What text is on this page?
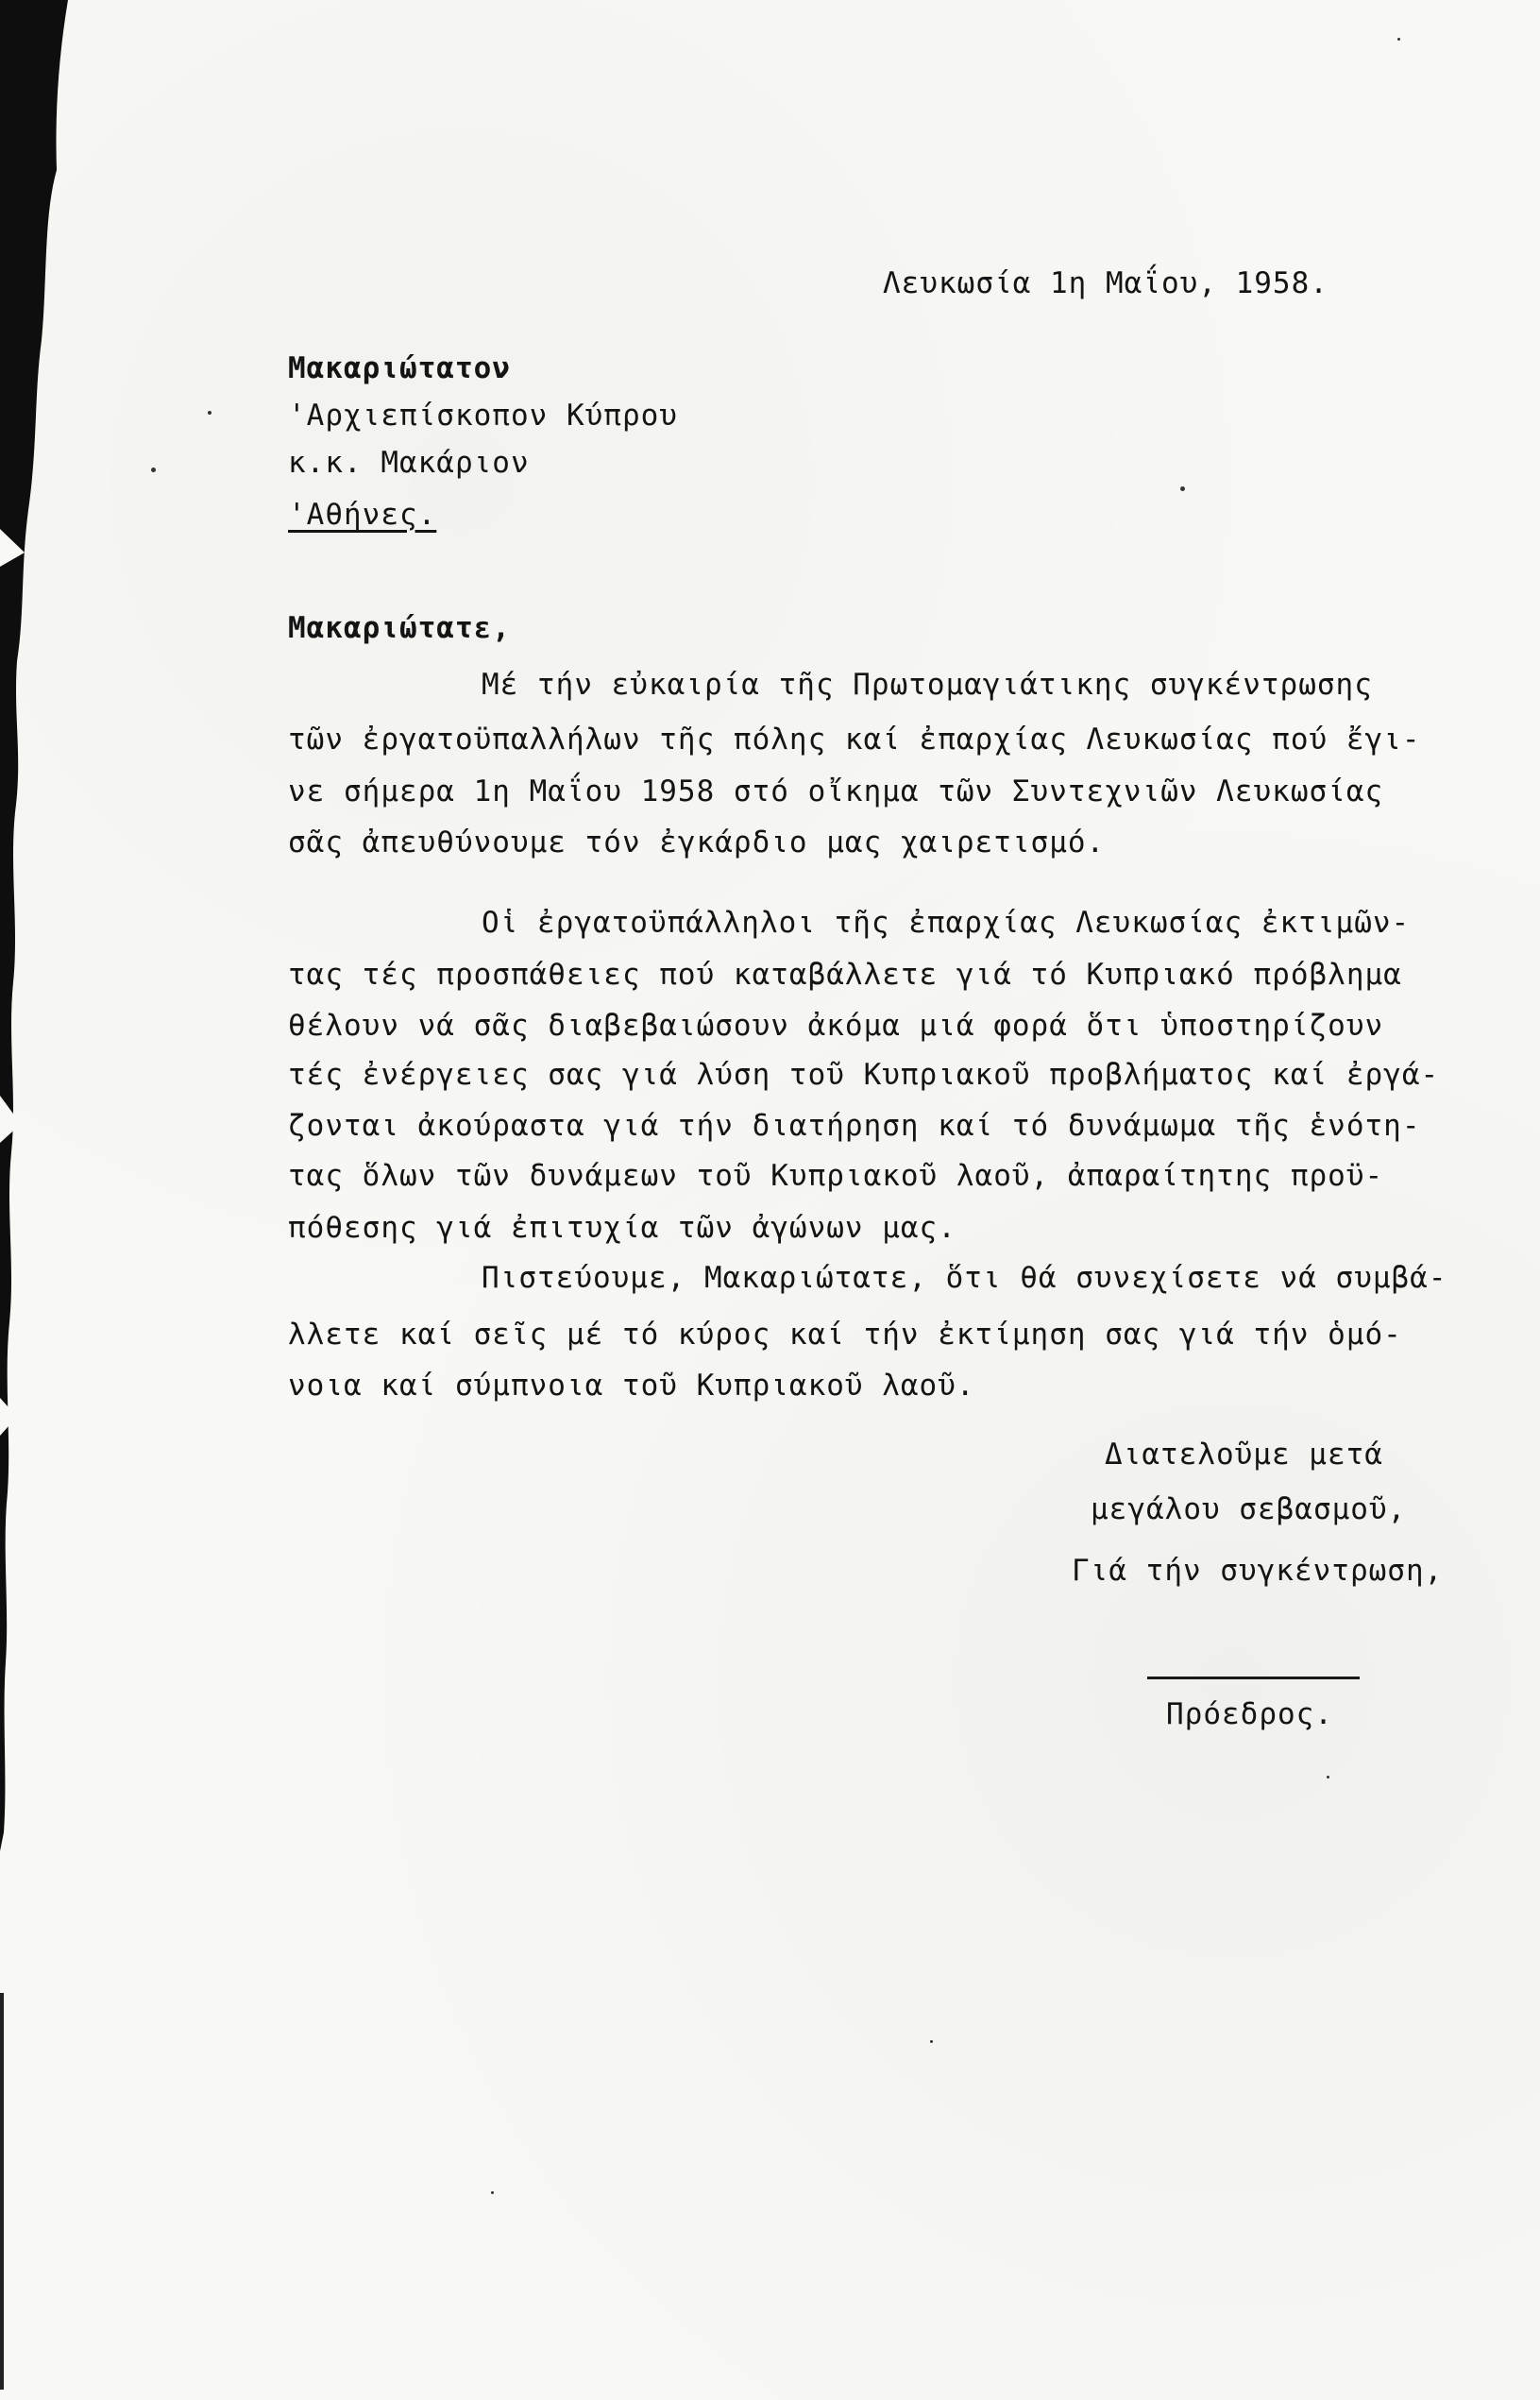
Λευκωσία 1η Μαΐου, 1958.
Μακαριώτατον
'Αρχιεπίσκοπον Κύπρου
κ.κ. Μακάριον
'Αθήνες.
Μακαριώτατε,
Μέ τήν εὐκαιρία τῆς Πρωτομαγιάτικης συγκέντρωσης
τῶν ἐργατοϋπαλλήλων τῆς πόλης καί ἐπαρχίας Λευκωσίας πού ἔγι-
νε σήμερα 1η Μαΐου 1958 στό οἴκημα τῶν Συντεχνιῶν Λευκωσίας
σᾶς ἀπευθύνουμε τόν ἐγκάρδιο μας χαιρετισμό.
Οἱ ἐργατοϋπάλληλοι τῆς ἐπαρχίας Λευκωσίας ἐκτιμῶν-
τας τές προσπάθειες πού καταβάλλετε γιά τό Κυπριακό πρόβλημα
θέλουν νά σᾶς διαβεβαιώσουν ἀκόμα μιά φορά ὅτι ὑποστηρίζουν
τές ἐνέργειες σας γιά λύση τοῦ Κυπριακοῦ προβλήματος καί ἐργά-
ζονται ἀκούραστα γιά τήν διατήρηση καί τό δυνάμωμα τῆς ἑνότη-
τας ὅλων τῶν δυνάμεων τοῦ Κυπριακοῦ λαοῦ, ἀπαραίτητης προϋ-
πόθεσης γιά ἐπιτυχία τῶν ἀγώνων μας.
Πιστεύουμε, Μακαριώτατε, ὅτι θά συνεχίσετε νά συμβά-
λλετε καί σεῖς μέ τό κύρος καί τήν ἐκτίμηση σας γιά τήν ὁμό-
νοια καί σύμπνοια τοῦ Κυπριακοῦ λαοῦ.
Διατελοῦμε μετά
μεγάλου σεβασμοῦ,
Γιά τήν συγκέντρωση,
Πρόεδρος.
